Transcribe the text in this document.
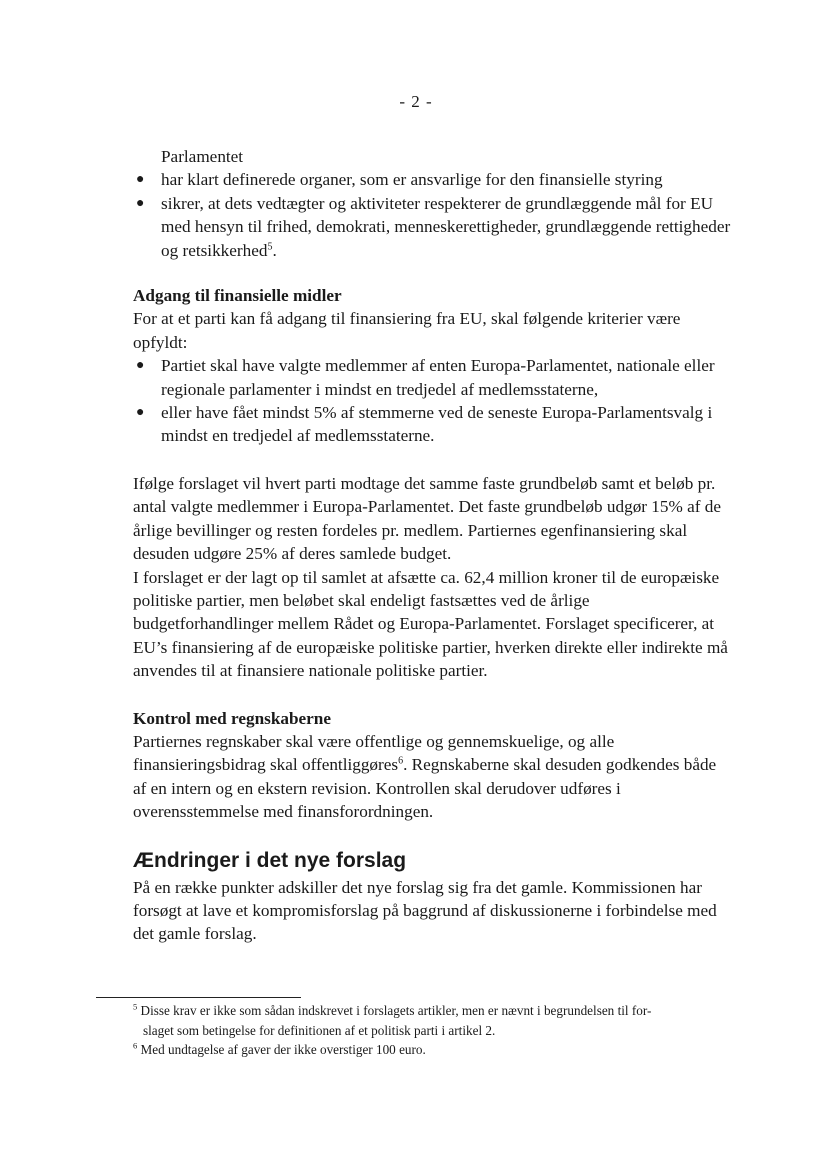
- 2 -

Parlamentet

● har klart definerede organer, som er ansvarlige for den finansielle styring
● sikrer, at dets vedtægter og aktiviteter respekterer de grundlæggende mål for EU med hensyn til frihed, demokrati, menneskerettigheder, grundlæggende rettigheder og retsikkerhed$^5$.

Adgang til finansielle midler

For at et parti kan få adgang til finansiering fra EU, skal følgende kriterier være opfyldt:

● Partiet skal have valgte medlemmer af enten Europa-Parlamentet, nationale eller regionale parlamenter i mindst en tredjedel af medlemsstaterne,
● eller have fået mindst 5% af stemmerne ved de seneste Europa-Parlamentsvalg i mindst en tredjedel af medlemsstaterne.

Ifølge forslaget vil hvert parti modtage det samme faste grundbeløb samt et beløb pr. antal valgte medlemmer i Europa-Parlamentet. Det faste grundbeløb udgør 15% af de årlige bevillinger og resten fordeles pr. medlem. Partiernes egenfinansiering skal desuden udgøre 25% af deres samlede budget.

I forslaget er der lagt op til samlet at afsætte ca. 62,4 million kroner til de europæiske politiske partier, men beløbet skal endeligt fastsættes ved de årlige budgetforhandlinger mellem Rådet og Europa-Parlamentet. Forslaget specificerer, at EU’s finansiering af de europæiske politiske partier, hverken direkte eller indirekte må anvendes til at finansiere nationale politiske partier.

Kontrol med regnskaberne

Partiernes regnskaber skal være offentlige og gennemskuelige, og alle finansieringsbidrag skal offentliggøres$^6$. Regnskaberne skal desuden godkendes både af en intern og en ekstern revision. Kontrollen skal derudover udføres i overensstemmelse med finansforordningen.

Ændringer i det nye forslag

På en række punkter adskiller det nye forslag sig fra det gamle. Kommissionen har forsøgt at lave et kompromisforslag på baggrund af diskussionerne i forbindelse med det gamle forslag.

$^5$ Disse krav er ikke som sådan indskrevet i forslagets artikler, men er nævnt i begrundelsen til for-
slaget som betingelse for definitionen af et politisk parti i artikel 2.

$^6$ Med undtagelse af gaver der ikke overstiger 100 euro.
